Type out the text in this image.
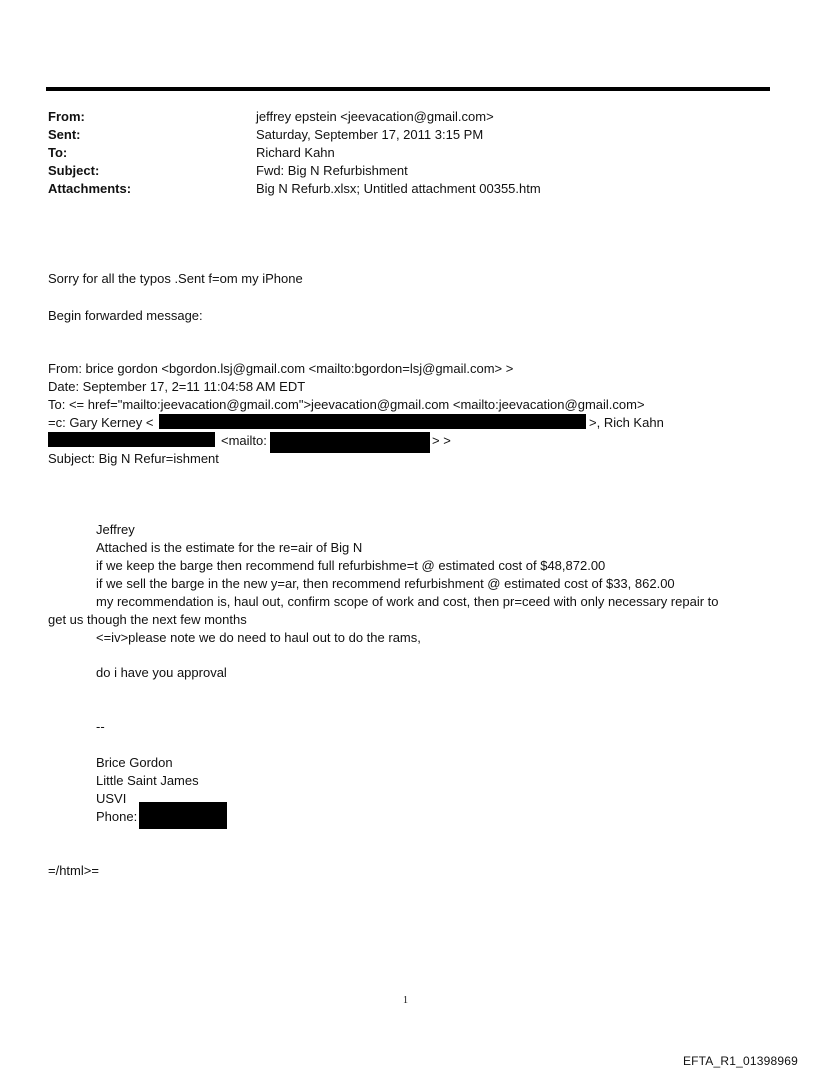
From:	jeffrey epstein <jeevacation@gmail.com>
Sent:	Saturday, September 17, 2011 3:15 PM
To:	Richard Kahn
Subject:	Fwd: Big N Refurbishment
Attachments:	Big N Refurb.xlsx; Untitled attachment 00355.htm
Sorry for all the typos .Sent f=om my iPhone
Begin forwarded message:
From: brice gordon <bgordon.lsj@gmail.com <mailto:bgordon=lsj@gmail.com> >
Date: September 17, 2=11 11:04:58 AM EDT
To: <= href="mailto:jeevacation@gmail.com">jeevacation@gmail.com <mailto:jeevacation@gmail.com>
=c: Gary Kerney <	>, Rich Kahn
<mailto:	> >
Subject: Big N Refur=ishment
Jeffrey
Attached is the estimate for the re=air of Big N
if we keep the barge then recommend full refurbishme=t @ estimated cost of $48,872.00
if we sell the barge in the new y=ar, then recommend refurbishment @ estimated cost of $33, 862.00
my recommendation is, haul out, confirm scope of work and cost, then pr=ceed with only necessary repair to
get us though the next few months
<=iv>please note we do need to haul out to do the rams,
do i have you approval
--
Brice Gordon
Little Saint James
USVI
Phone:
=/html>=
1
EFTA_R1_01398969
